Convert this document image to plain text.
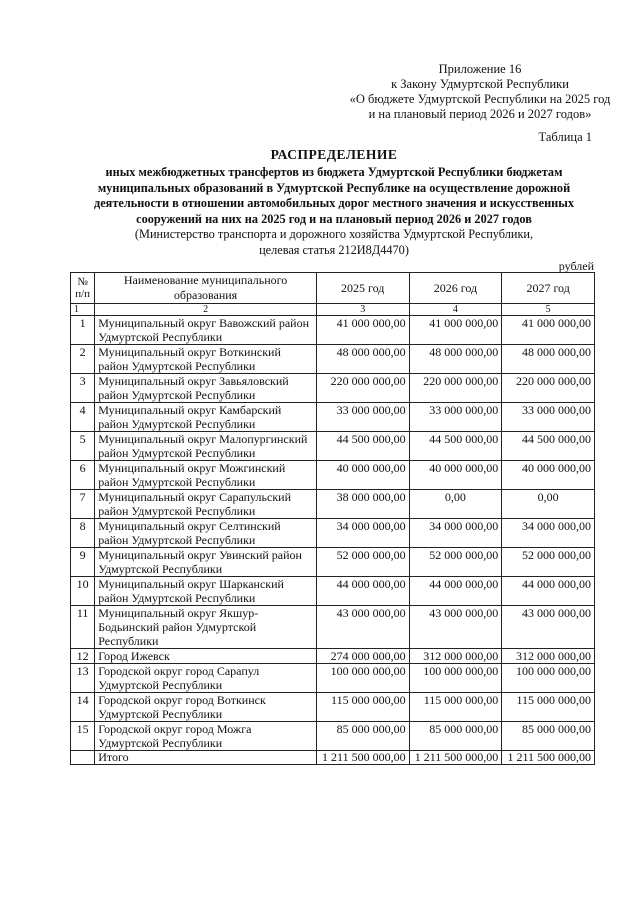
Приложение 16
к Закону Удмуртской Республики
«О бюджете Удмуртской Республики на 2025 год
и на плановый период 2026 и 2027 годов»
Таблица 1
РАСПРЕДЕЛЕНИЕ
иных межбюджетных трансфертов из бюджета Удмуртской Республики бюджетам
муниципальных образований в Удмуртской Республике на осуществление дорожной
деятельности в отношении автомобильных дорог местного значения и искусственных
сооружений на них на 2025 год и на плановый период 2026 и 2027 годов
(Министерство транспорта и дорожного хозяйства Удмуртской Республики,
целевая статья 212И8Д4470)
рублей
№ п/п	Наименование муниципального образования	2025 год	2026 год	2027 год
1	2	3	4	5
1	Муниципальный округ Вавожский район Удмуртской Республики	41 000 000,00	41 000 000,00	41 000 000,00
2	Муниципальный округ Воткинский район Удмуртской Республики	48 000 000,00	48 000 000,00	48 000 000,00
3	Муниципальный округ Завьяловский район Удмуртской Республики	220 000 000,00	220 000 000,00	220 000 000,00
4	Муниципальный округ Камбарский район Удмуртской Республики	33 000 000,00	33 000 000,00	33 000 000,00
5	Муниципальный округ Малопургинский район Удмуртской Республики	44 500 000,00	44 500 000,00	44 500 000,00
6	Муниципальный округ Можгинский район Удмуртской Республики	40 000 000,00	40 000 000,00	40 000 000,00
7	Муниципальный округ Сарапульский район Удмуртской Республики	38 000 000,00	0,00	0,00
8	Муниципальный округ Селтинский район Удмуртской Республики	34 000 000,00	34 000 000,00	34 000 000,00
9	Муниципальный округ Увинский район Удмуртской Республики	52 000 000,00	52 000 000,00	52 000 000,00
10	Муниципальный округ Шарканский район Удмуртской Республики	44 000 000,00	44 000 000,00	44 000 000,00
11	Муниципальный округ Якшур-Бодьинский район Удмуртской Республики	43 000 000,00	43 000 000,00	43 000 000,00
12	Город Ижевск	274 000 000,00	312 000 000,00	312 000 000,00
13	Городской округ город Сарапул Удмуртской Республики	100 000 000,00	100 000 000,00	100 000 000,00
14	Городской округ город Воткинск Удмуртской Республики	115 000 000,00	115 000 000,00	115 000 000,00
15	Городской округ город Можга Удмуртской Республики	85 000 000,00	85 000 000,00	85 000 000,00
	Итого	1 211 500 000,00	1 211 500 000,00	1 211 500 000,00
